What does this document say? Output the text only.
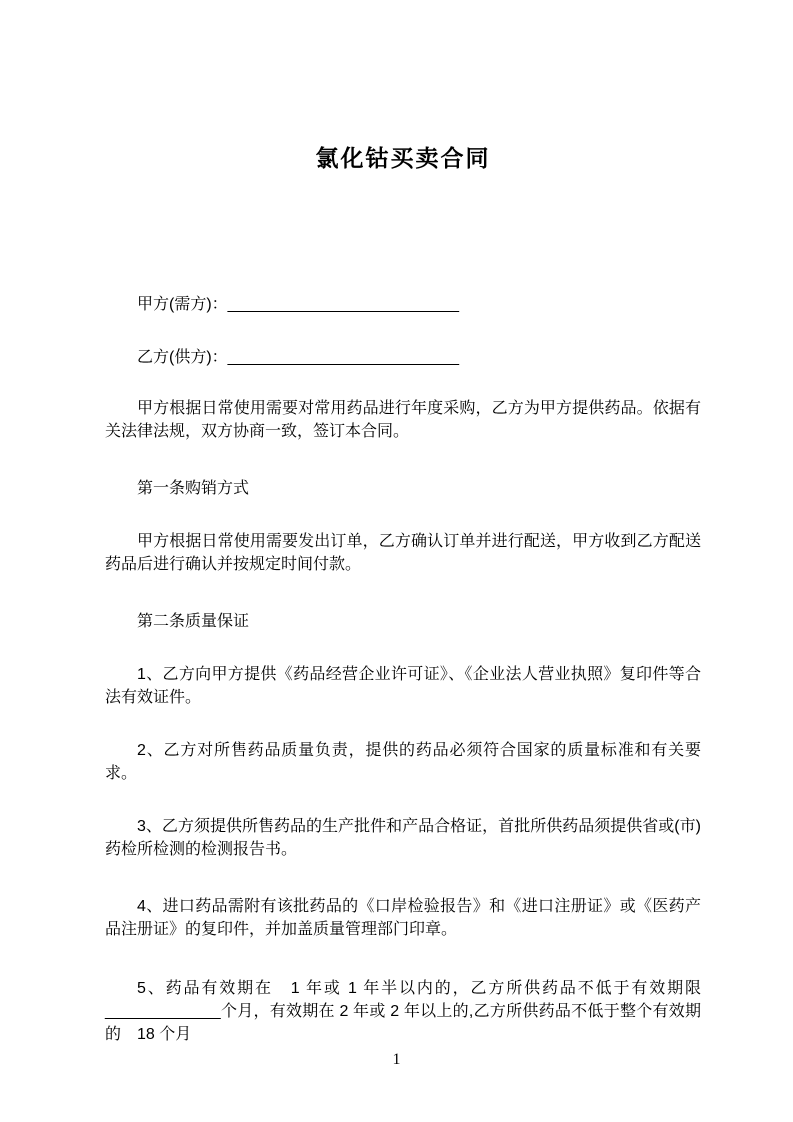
氯化钴买卖合同
甲方(需方)：__________________________
乙方(供方)：__________________________
甲方根据日常使用需要对常用药品进行年度采购，乙方为甲方提供药品。依据有关法律法规，双方协商一致，签订本合同。
第一条购销方式
甲方根据日常使用需要发出订单，乙方确认订单并进行配送，甲方收到乙方配送药品后进行确认并按规定时间付款。
第二条质量保证
1、乙方向甲方提供《药品经营企业许可证》、《企业法人营业执照》复印件等合法有效证件。
2、乙方对所售药品质量负责，提供的药品必须符合国家的质量标准和有关要求。
3、乙方须提供所售药品的生产批件和产品合格证，首批所供药品须提供省或(市)药检所检测的检测报告书。
4、进口药品需附有该批药品的《口岸检验报告》和《进口注册证》或《医药产品注册证》的复印件，并加盖质量管理部门印章。
5、药品有效期在　1 年或 1 年半以内的，乙方所供药品不低于有效期限_____________个月，有效期在 2 年或 2 年以上的,乙方所供药品不低于整个有效期的　18 个月
1
